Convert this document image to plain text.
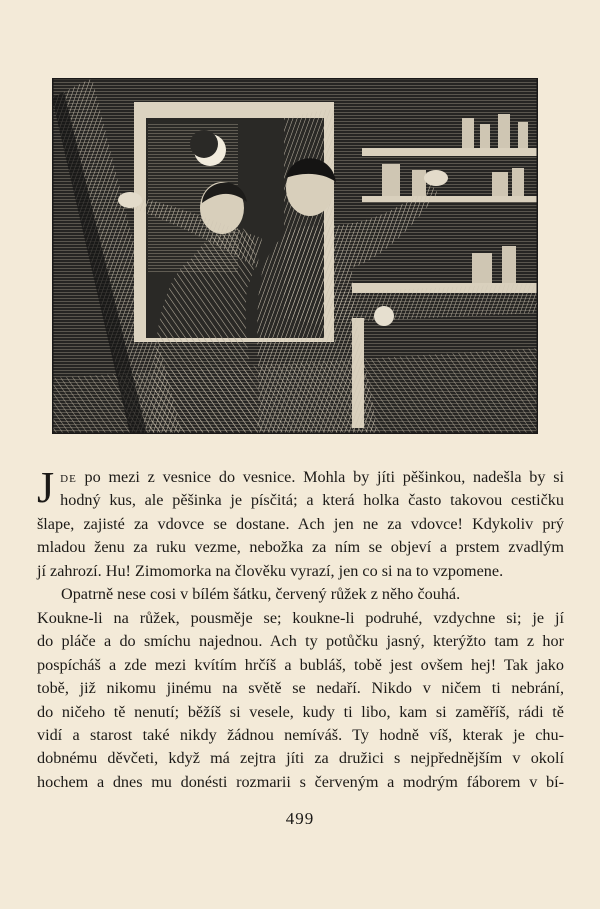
Jde po mezi z vesnice do vesnice. Mohla by jíti pěšinkou, nadešla by si
hodný kus, ale pěšinka je písčitá; a která holka často takovou cestičku
šlape, zajisté za vdovce se dostane. Ach jen ne za vdovce! Kdykoliv prý
mladou ženu za ruku vezme, nebožka za ním se objeví a prstem zvadlým
jí zahrozí. Hu! Zimomorka na člověku vyrazí, jen co si na to vzpomene.
Opatrně nese cosi v bílém šátku, červený růžek z něho čouhá.
Koukne-li na růžek, pousměje se; koukne-li podruhé, vzdychne si; je jí
do pláče a do smíchu najednou. Ach ty potůčku jasný, kterýžto tam z hor
pospícháš a zde mezi kvítím hrčíš a bubláš, tobě jest ovšem hej! Tak jako
tobě, již nikomu jinému na světě se nedaří. Nikdo v ničem ti nebrání,
do ničeho tě nenutí; běžíš si vesele, kudy ti libo, kam si zaměříš, rádi tě
vidí a starost také nikdy žádnou nemíváš. Ty hodně víš, kterak je chu-
dobnému děvčeti, když má zejtra jíti za družici s nejpřednějším v okolí
hochem a dnes mu donésti rozmarii s červeným a modrým fáborem v bí-
499
